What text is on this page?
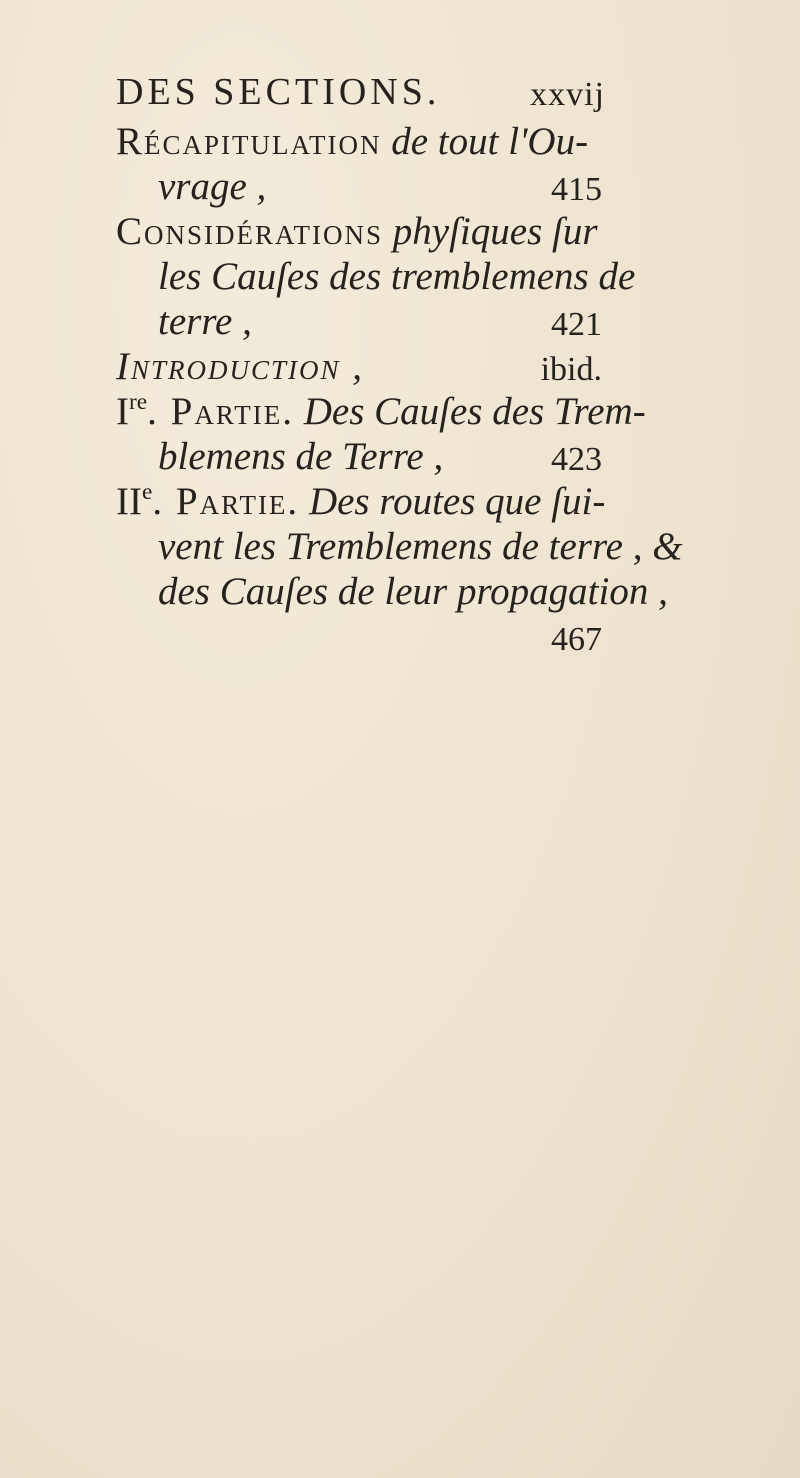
DES SECTIONS.	xxvij
Récapitulation de tout l'Ou-
vrage ,	415
Considérations phyſiques ſur
les Cauſes des tremblemens de
terre ,	421
Introduction ,	ibid.
Ire. Partie. Des Cauſes des Trem-
blemens de Terre ,	423
IIe. Partie. Des routes que ſui-
vent les Tremblemens de terre , &
des Cauſes de leur propagation ,
467
